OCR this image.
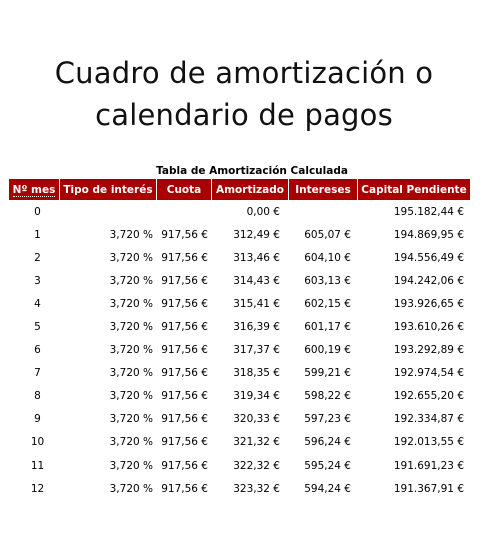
Cuadro de amortización o
calendario de pagos
Tabla de Amortización Calculada
Nº mes	Tipo de interés	Cuota	Amortizado	Intereses	Capital Pendiente
0			0,00 €		195.182,44 €
1	3,720 %	917,56 €	312,49 €	605,07 €	194.869,95 €
2	3,720 %	917,56 €	313,46 €	604,10 €	194.556,49 €
3	3,720 %	917,56 €	314,43 €	603,13 €	194.242,06 €
4	3,720 %	917,56 €	315,41 €	602,15 €	193.926,65 €
5	3,720 %	917,56 €	316,39 €	601,17 €	193.610,26 €
6	3,720 %	917,56 €	317,37 €	600,19 €	193.292,89 €
7	3,720 %	917,56 €	318,35 €	599,21 €	192.974,54 €
8	3,720 %	917,56 €	319,34 €	598,22 €	192.655,20 €
9	3,720 %	917,56 €	320,33 €	597,23 €	192.334,87 €
10	3,720 %	917,56 €	321,32 €	596,24 €	192.013,55 €
11	3,720 %	917,56 €	322,32 €	595,24 €	191.691,23 €
12	3,720 %	917,56 €	323,32 €	594,24 €	191.367,91 €
